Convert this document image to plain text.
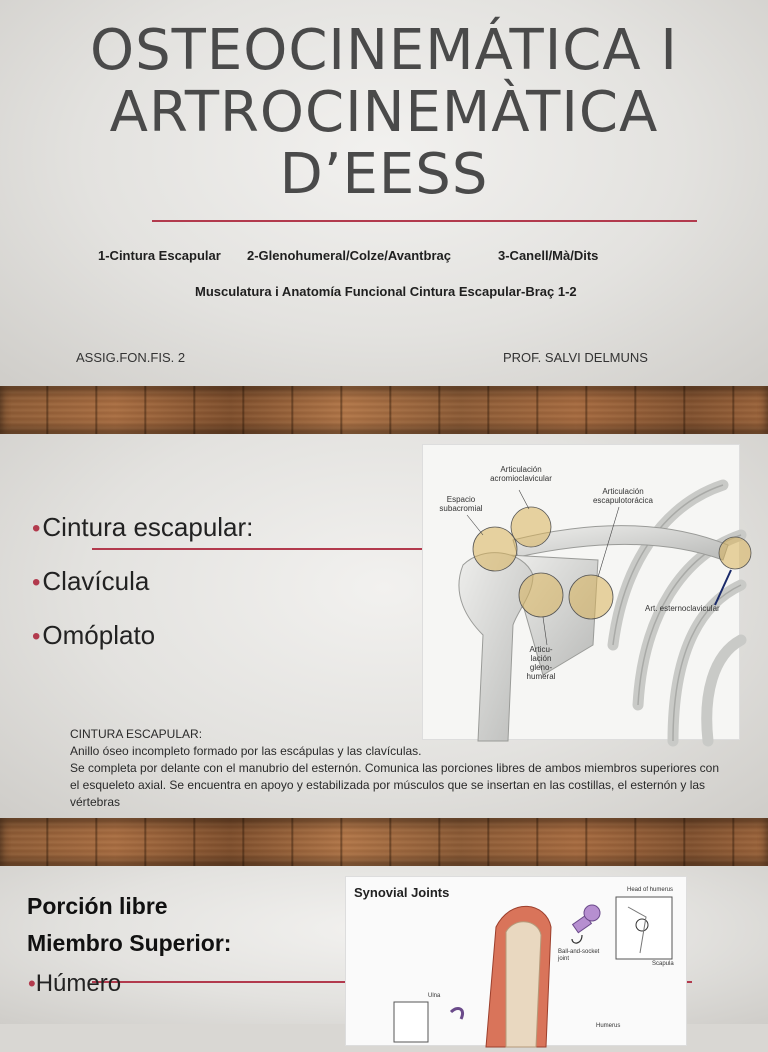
OSTEOCINEMÁTICA I
ARTROCINEMÀTICA
D’EESS
1-Cintura Escapular 2-Glenohumeral/Colze/Avantbraç	3-Canell/Mà/Dits
Musculatura i Anatomía Funcional Cintura Escapular-Braç 1-2
ASSIG.FON.FIS. 2	PROF. SALVI DELMUNS
•Cintura escapular:
•Clavícula
•Omóplato
Espacio subacromial
Articulación acromioclavicular
Articulación escapulotorácica
Art. esternoclavicular
Articu- lación gleno- humeral
CINTURA ESCAPULAR:
Anillo óseo incompleto formado por las escápulas y las clavículas.
Se completa por delante con el manubrio del esternón. Comunica las porciones libres de ambos miembros superiores con el esqueleto axial. Se encuentra en apoyo y estabilizada por músculos que se insertan en las costillas, el esternón y las vértebras
Porción libre
Miembro Superior:
•Húmero
Synovial Joints	Head of humerus
Ball-and-socket joint
Scapula
Ulna
Humerus
